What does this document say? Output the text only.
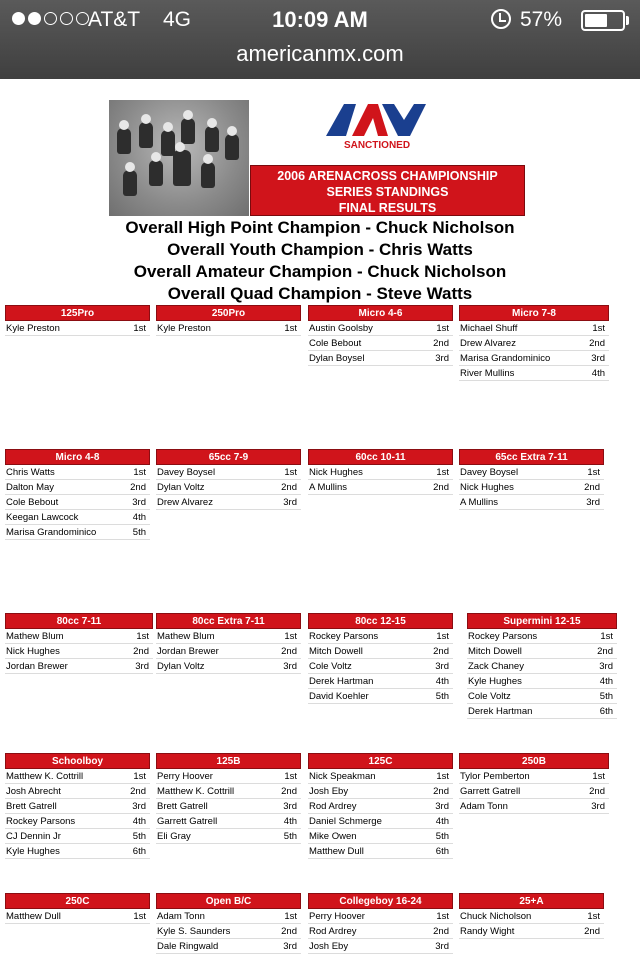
AT&T 4G	10:09 AM	57%
americanmx.com
SANCTIONED
2006 ARENACROSS CHAMPIONSHIP
SERIES STANDINGS
FINAL RESULTS
Overall High Point Champion - Chuck Nicholson
Overall Youth Champion - Chris Watts
Overall Amateur Champion - Chuck Nicholson
Overall Quad Champion - Steve Watts
125Pro
Kyle Preston	1st
250Pro
Kyle Preston	1st
Micro 4-6
Austin Goolsby	1st
Cole Bebout	2nd
Dylan Boysel	3rd
Micro 7-8
Michael Shuff	1st
Drew Alvarez	2nd
Marisa Grandominico	3rd
River Mullins	4th
Micro 4-8
Chris Watts	1st
Dalton May	2nd
Cole Bebout	3rd
Keegan Lawcock	4th
Marisa Grandominico	5th
65cc 7-9
Davey Boysel	1st
Dylan Voltz	2nd
Drew Alvarez	3rd
60cc 10-11
Nick Hughes	1st
A Mullins	2nd
65cc Extra 7-11
Davey Boysel	1st
Nick Hughes	2nd
A Mullins	3rd
80cc 7-11
Mathew Blum	1st
Nick Hughes	2nd
Jordan Brewer	3rd
80cc Extra 7-11
Mathew Blum	1st
Jordan Brewer	2nd
Dylan Voltz	3rd
80cc 12-15
Rockey Parsons	1st
Mitch Dowell	2nd
Cole Voltz	3rd
Derek Hartman	4th
David Koehler	5th
Supermini 12-15
Rockey Parsons	1st
Mitch Dowell	2nd
Zack Chaney	3rd
Kyle Hughes	4th
Cole Voltz	5th
Derek Hartman	6th
Schoolboy
Matthew K. Cottrill	1st
Josh Abrecht	2nd
Brett Gatrell	3rd
Rockey Parsons	4th
CJ Dennin Jr	5th
Kyle Hughes	6th
125B
Perry Hoover	1st
Matthew K. Cottrill	2nd
Brett Gatrell	3rd
Garrett Gatrell	4th
Eli Gray	5th
125C
Nick Speakman	1st
Josh Eby	2nd
Rod Ardrey	3rd
Daniel Schmerge	4th
Mike Owen	5th
Matthew Dull	6th
250B
Tylor Pemberton	1st
Garrett Gatrell	2nd
Adam Tonn	3rd
250C
Matthew Dull	1st
Open B/C
Adam Tonn	1st
Kyle S. Saunders	2nd
Dale Ringwald	3rd
Collegeboy 16-24
Perry Hoover	1st
Rod Ardrey	2nd
Josh Eby	3rd
25+A
Chuck Nicholson	1st
Randy Wight	2nd
